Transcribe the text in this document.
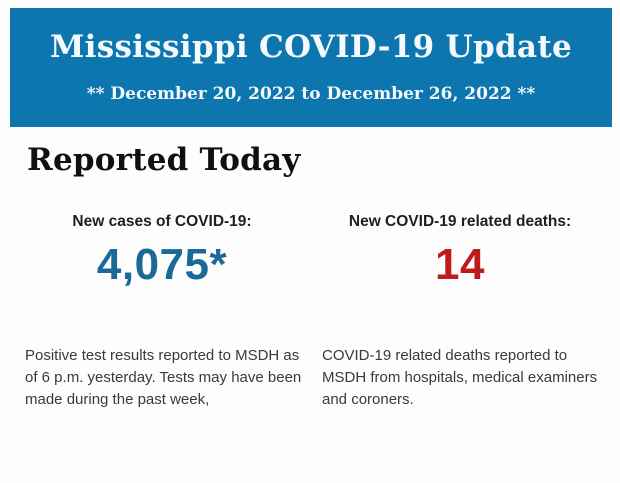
Mississippi COVID-19 Update

** December 20, 2022 to December 26, 2022 **

Reported Today
New cases of COVID-19:
4,075*
New COVID-19 related deaths:
14

Positive test results reported to MSDH as of 6 p.m. yesterday. Tests may have been made during the past week,

COVID-19 related deaths reported to MSDH from hospitals, medical examiners and coroners.
